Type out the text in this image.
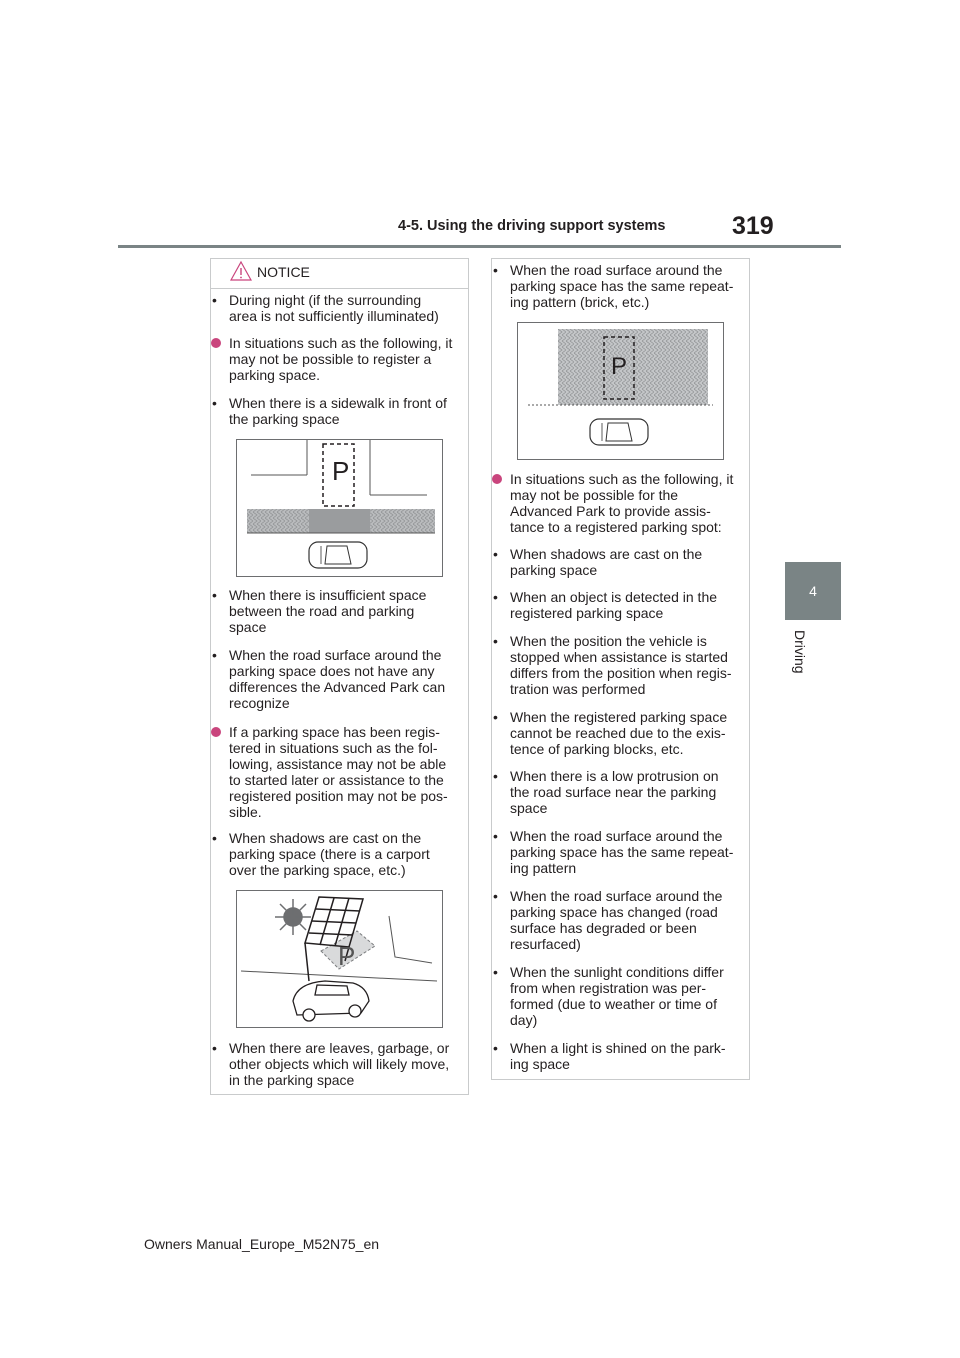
4-5. Using the driving support systems	319
4
Driving
NOTICE
• During night (if the surrounding
area is not sufficiently illuminated)
In situations such as the following, it
may not be possible to register a
parking space.
• When there is a sidewalk in front of
the parking space
P
• When there is insufficient space
between the road and parking
space
• When the road surface around the
parking space does not have any
differences the Advanced Park can
recognize
If a parking space has been regis-
tered in situations such as the fol-
lowing, assistance may not be able
to started later or assistance to the
registered position may not be pos-
sible.
• When shadows are cast on the
parking space (there is a carport
over the parking space, etc.)
P
• When there are leaves, garbage, or
other objects which will likely move,
in the parking space
• When the road surface around the
parking space has the same repeat-
ing pattern (brick, etc.)
P
In situations such as the following, it
may not be possible for the
Advanced Park to provide assis-
tance to a registered parking spot:
• When shadows are cast on the
parking space
• When an object is detected in the
registered parking space
• When the position the vehicle is
stopped when assistance is started
differs from the position when regis-
tration was performed
• When the registered parking space
cannot be reached due to the exis-
tence of parking blocks, etc.
• When there is a low protrusion on
the road surface near the parking
space
• When the road surface around the
parking space has the same repeat-
ing pattern
• When the road surface around the
parking space has changed (road
surface has degraded or been
resurfaced)
• When the sunlight conditions differ
from when registration was per-
formed (due to weather or time of
day)
• When a light is shined on the park-
ing space
Owners Manual_Europe_M52N75_en
